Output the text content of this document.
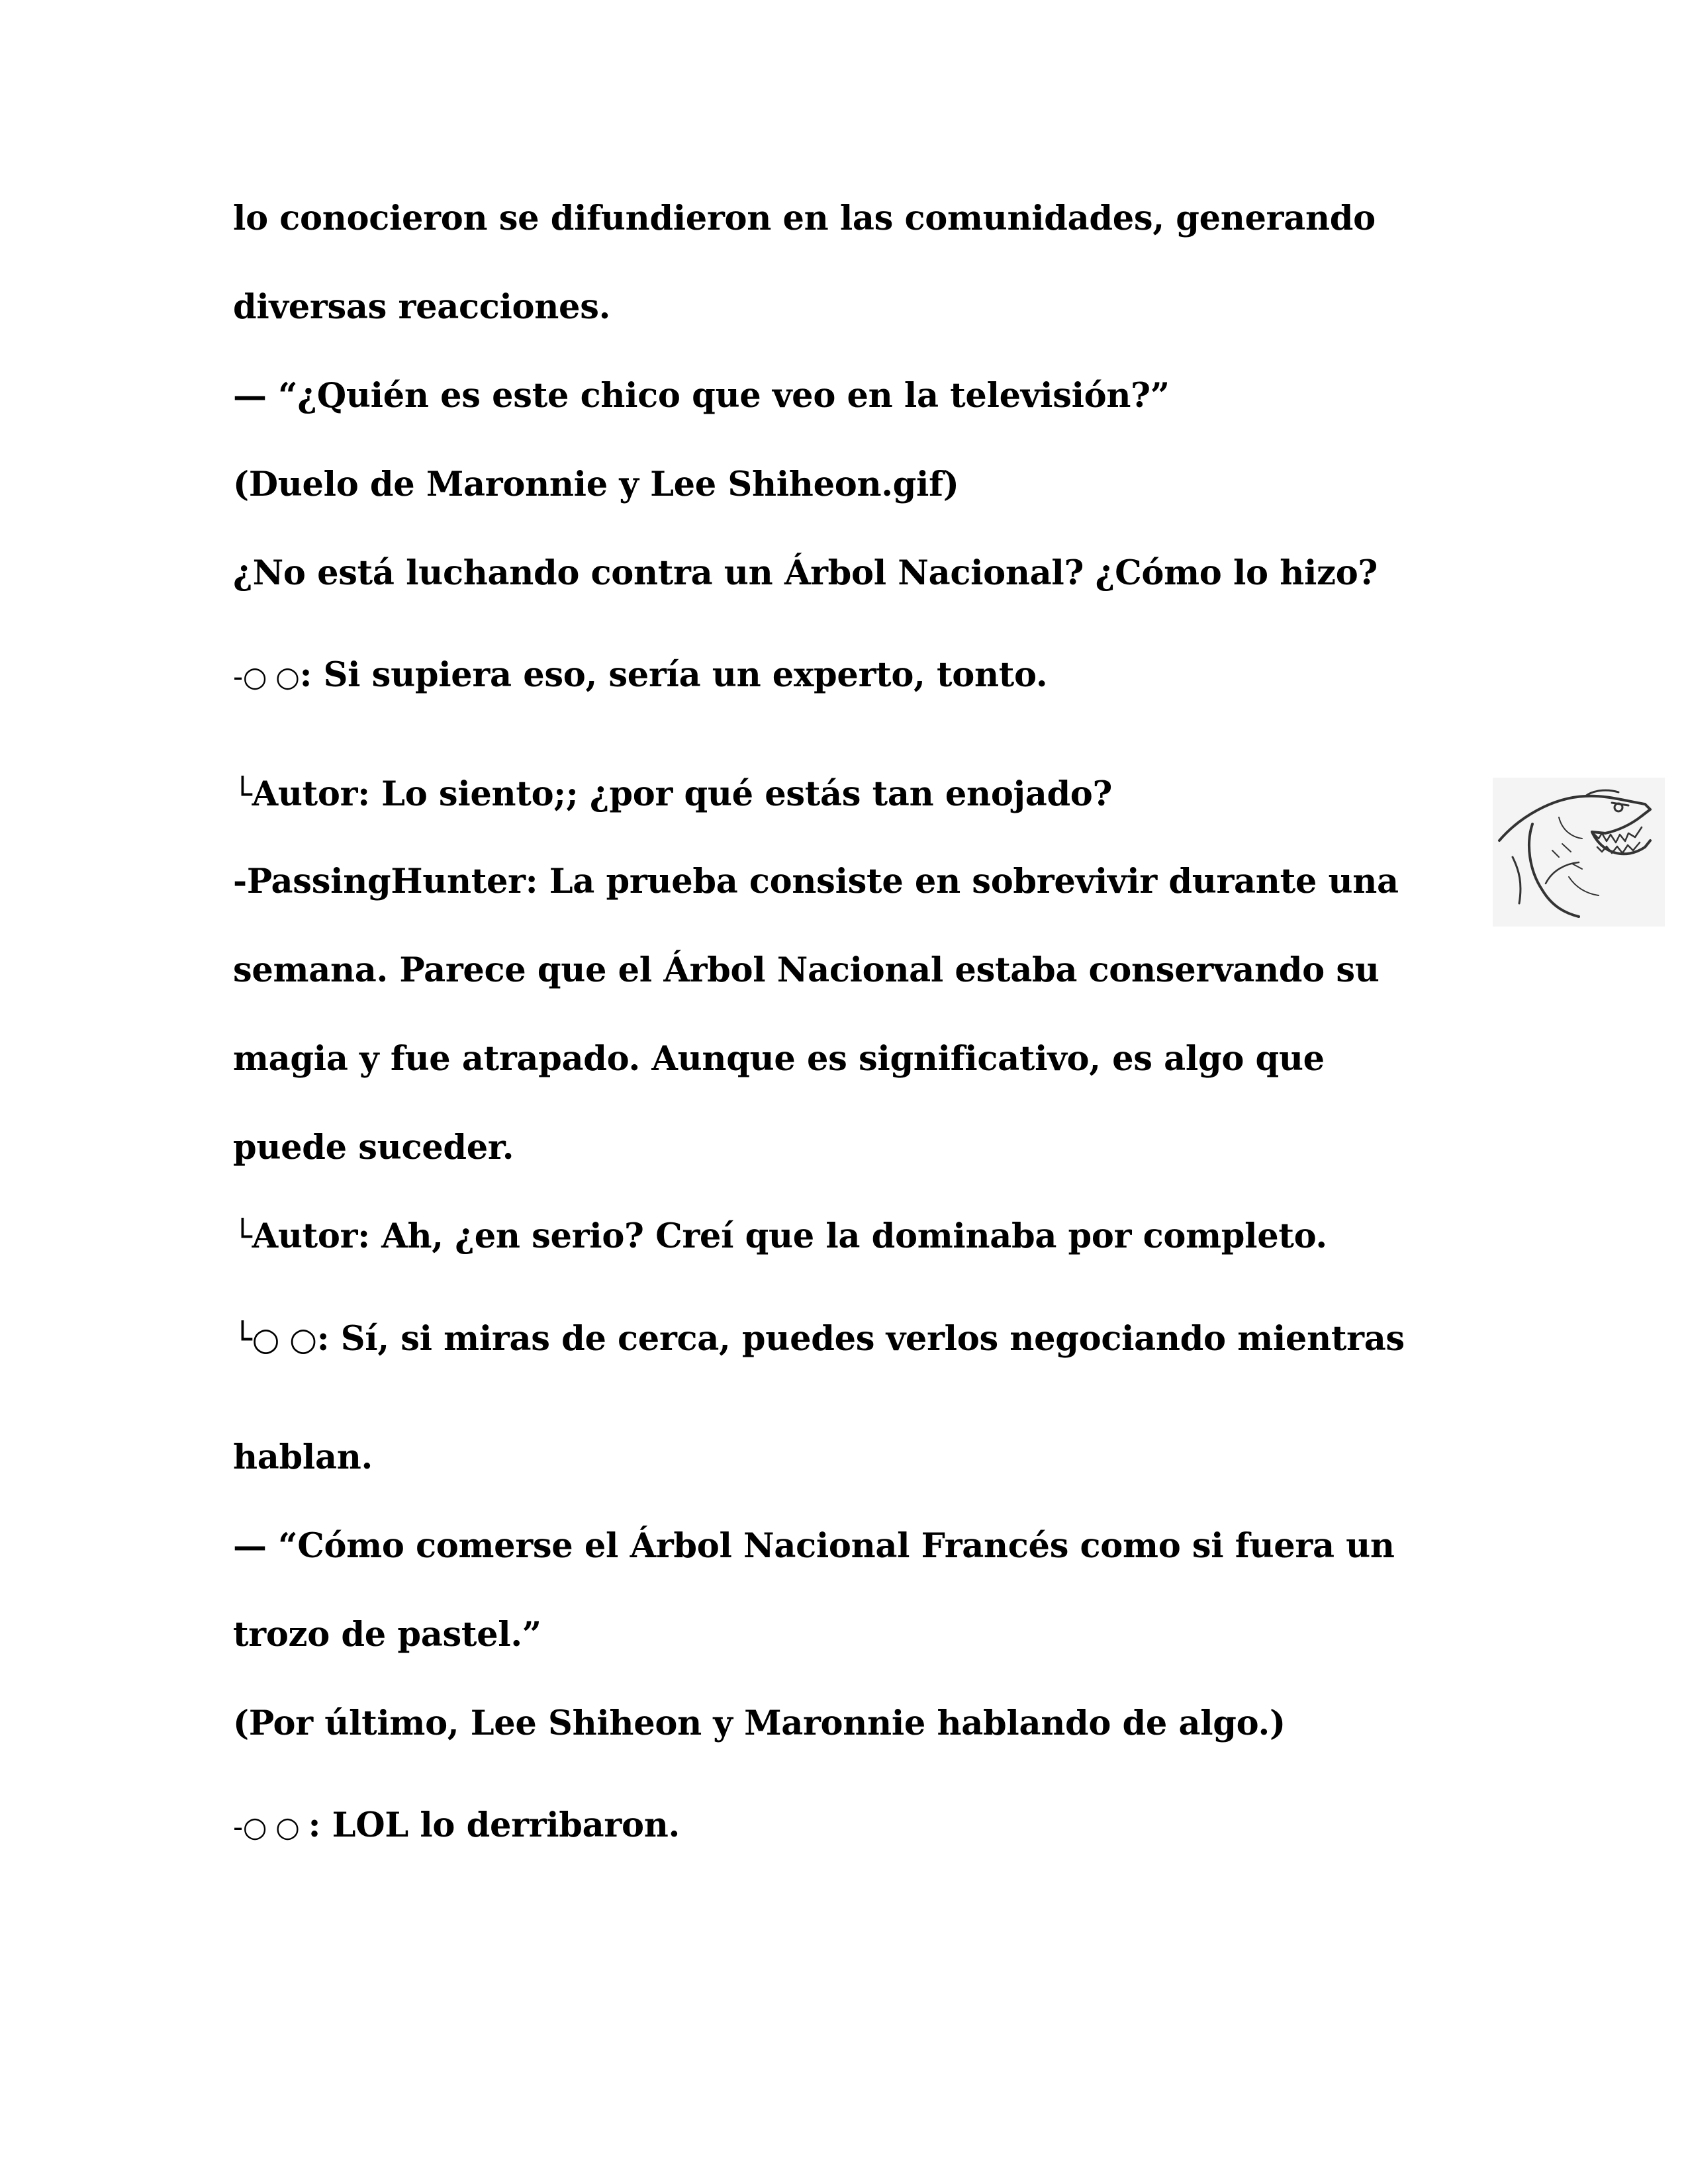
lo conocieron se difundieron en las comunidades, generando

diversas reacciones.

— “¿Quién es este chico que veo en la televisión?”

(Duelo de Maronnie y Lee Shiheon.gif)

¿No está luchando contra un Árbol Nacional? ¿Cómo lo hizo?

-○ ○: Si supiera eso, sería un experto, tonto.

└Autor: Lo siento;; ¿por qué estás tan enojado?

-PassingHunter: La prueba consiste en sobrevivir durante una

semana. Parece que el Árbol Nacional estaba conservando su

magia y fue atrapado. Aunque es significativo, es algo que

puede suceder.

└Autor: Ah, ¿en serio? Creí que la dominaba por completo.

└○ ○: Sí, si miras de cerca, puedes verlos negociando mientras

hablan.

— “Cómo comerse el Árbol Nacional Francés como si fuera un

trozo de pastel.”

(Por último, Lee Shiheon y Maronnie hablando de algo.)

-○ ○ : LOL lo derribaron.
